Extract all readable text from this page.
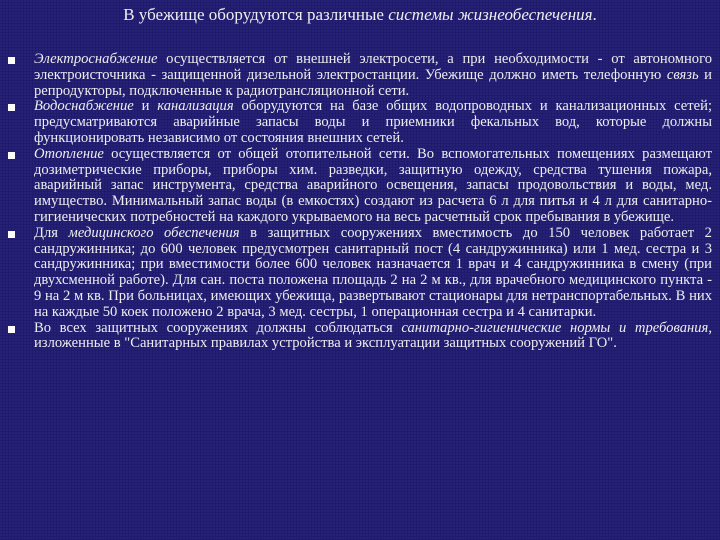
В убежище оборудуются различные системы жизнеобеспечения.
Электроснабжение осуществляется от внешней электросети, а при необходимости - от автономного электроисточника - защищенной дизельной электростанции. Убежище должно иметь телефонную связь и репродукторы, подключенные к радиотрансляционной сети.
Водоснабжение и канализация оборудуются на базе общих водопроводных и канализационных сетей; предусматриваются аварийные запасы воды и приемники фекальных вод, которые должны функционировать независимо от состояния внешних сетей.
Отопление осуществляется от общей отопительной сети. Во вспомогательных помещениях размещают дозиметрические приборы, приборы хим. разведки, защитную одежду, средства тушения пожара, аварийный запас инструмента, средства аварийного освещения, запасы продовольствия и воды, мед. имущество. Минимальный запас воды (в емкостях) создают из расчета 6 л для питья и 4 л для санитарно-гигиенических потребностей на каждого укрываемого на весь расчетный срок пребывания в убежище.
Для медицинского обеспечения в защитных сооружениях вместимость до 150 человек работает 2 сандружинника; до 600 человек предусмотрен санитарный пост (4 сандружинника) или 1 мед. сестра и 3 сандружинника; при вместимости более 600 человек назначается 1 врач и 4 сандружинника в смену (при двухсменной работе). Для сан. поста положена площадь 2 на 2 м кв., для врачебного медицинского пункта - 9 на 2 м кв. При больницах, имеющих убежища, развертывают стационары для нетранспортабельных. В них на каждые 50 коек положено 2 врача, 3 мед. сестры, 1 операционная сестра и 4 санитарки.
Во всех защитных сооружениях должны соблюдаться санитарно-гигиенические нормы и требования, изложенные в "Санитарных правилах устройства и эксплуатации защитных сооружений ГО".
